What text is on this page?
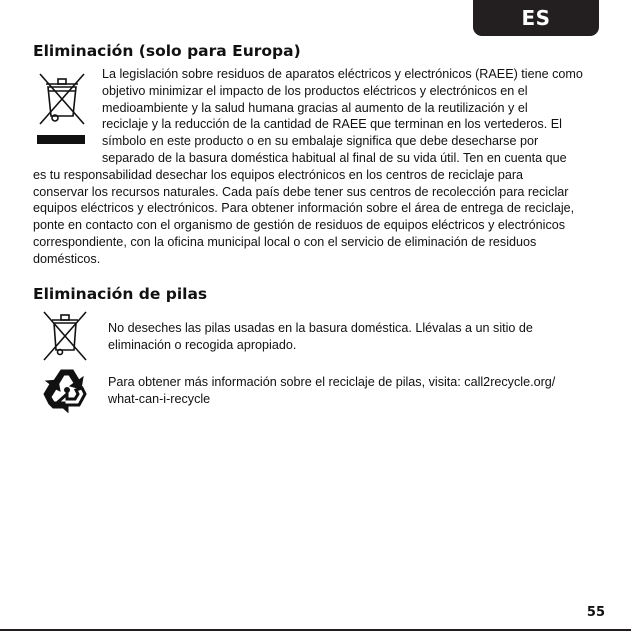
ES
Eliminación (solo para Europa)

La legislación sobre residuos de aparatos eléctricos y electrónicos (RAEE) tiene como

objetivo minimizar el impacto de los productos eléctricos y electrónicos en el

medioambiente y la salud humana gracias al aumento de la reutilización y el

reciclaje y la reducción de la cantidad de RAEE que terminan en los vertederos. El

símbolo en este producto o en su embalaje significa que debe desecharse por

separado de la basura doméstica habitual al final de su vida útil. Ten en cuenta que

es tu responsabilidad desechar los equipos electrónicos en los centros de reciclaje para

conservar los recursos naturales. Cada país debe tener sus centros de recolección para reciclar

equipos eléctricos y electrónicos. Para obtener información sobre el área de entrega de reciclaje,

ponte en contacto con el organismo de gestión de residuos de equipos eléctricos y electrónicos

correspondiente, con la oficina municipal local o con el servicio de eliminación de residuos

domésticos.

Eliminación de pilas

No deseches las pilas usadas en la basura doméstica. Llévalas a un sitio de

eliminación o recogida apropiado.

Para obtener más información sobre el reciclaje de pilas, visita: call2recycle.org/

what-can-i-recycle

55
